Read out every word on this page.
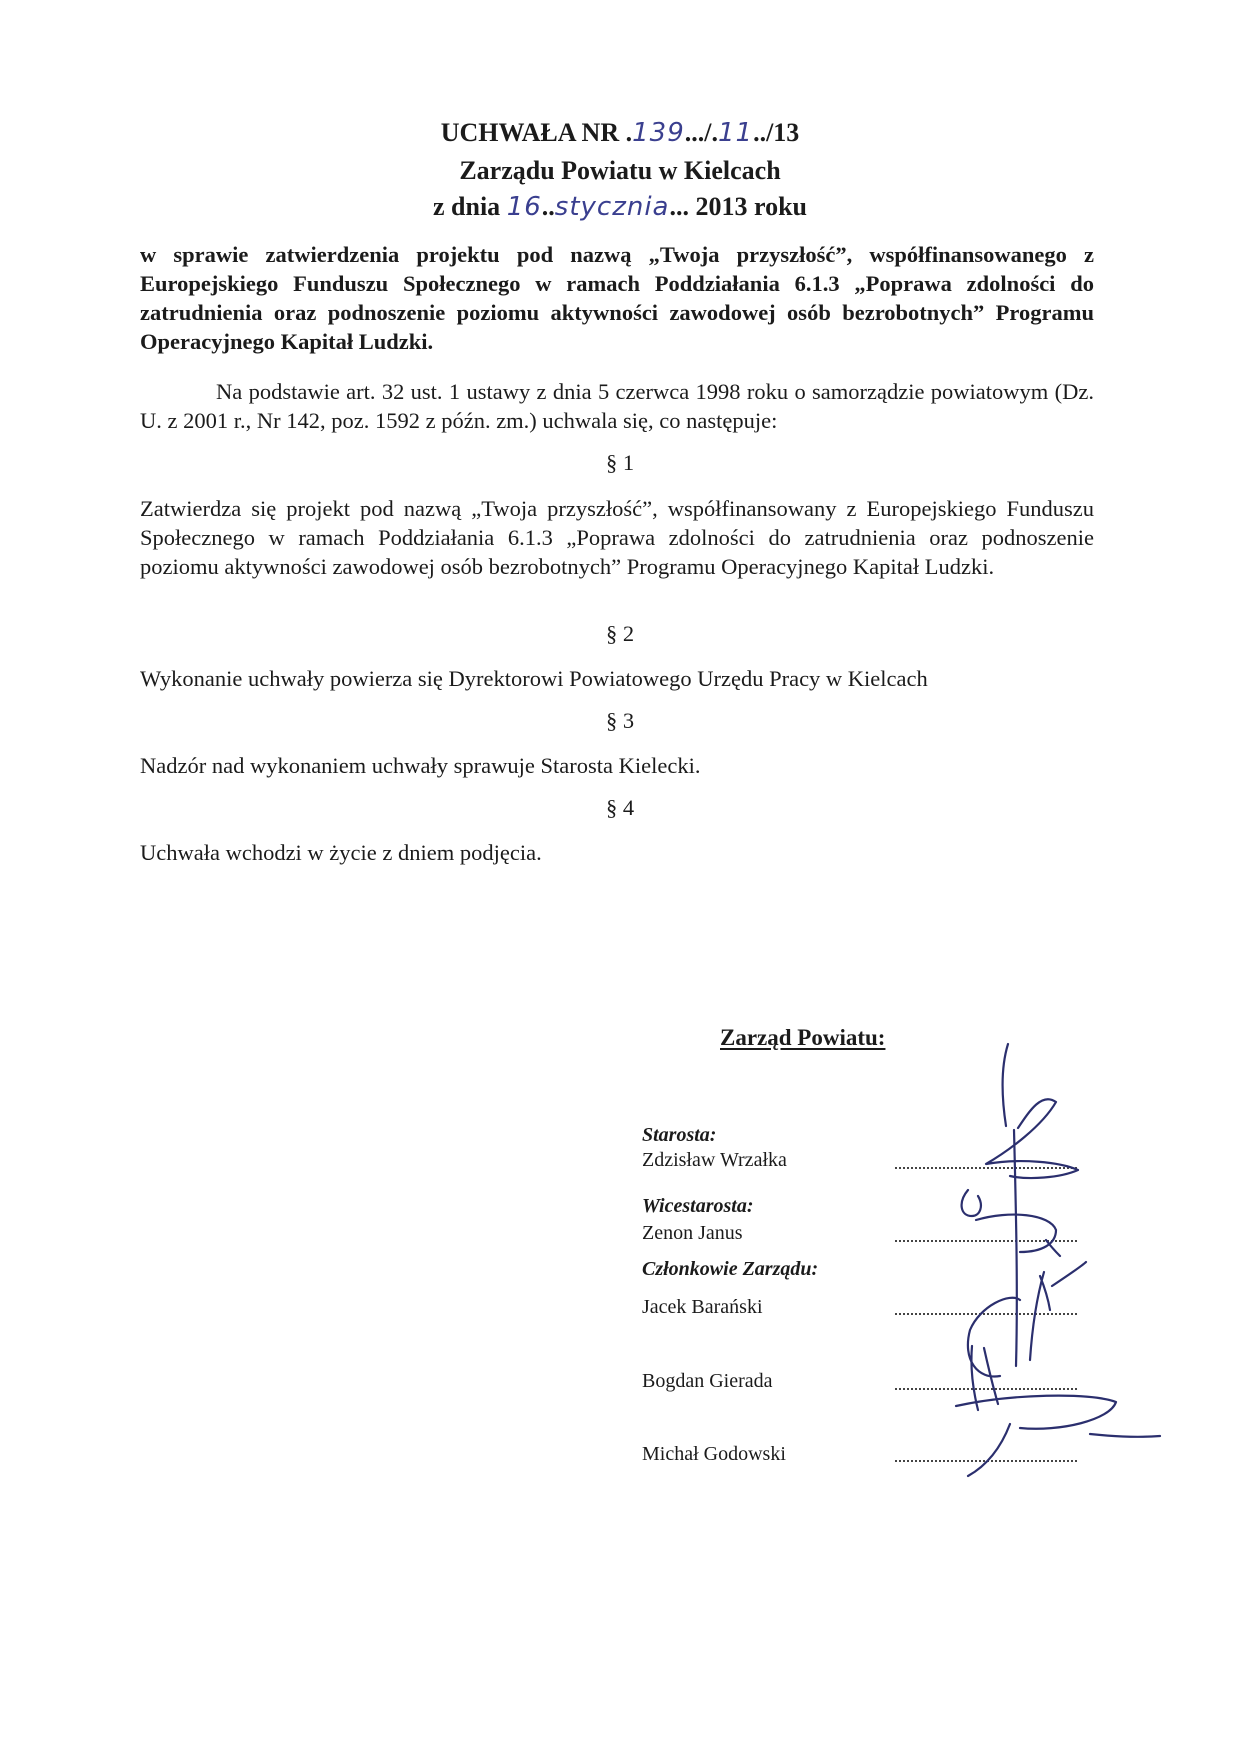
UCHWAŁA NR .139.../.11../13
Zarządu Powiatu w Kielcach
z dnia 16..stycznia... 2013 roku

w sprawie zatwierdzenia projektu pod nazwą „Twoja przyszłość”, współfinansowanego z Europejskiego Funduszu Społecznego w ramach Poddziałania 6.1.3 „Poprawa zdolności do zatrudnienia oraz podnoszenie poziomu aktywności zawodowej osób bezrobotnych” Programu Operacyjnego Kapitał Ludzki.

Na podstawie art. 32 ust. 1 ustawy z dnia 5 czerwca 1998 roku o samorządzie powiatowym (Dz. U. z 2001 r., Nr 142, poz. 1592 z późn. zm.) uchwala się, co następuje:

§ 1

Zatwierdza się projekt pod nazwą „Twoja przyszłość”, współfinansowany z Europejskiego Funduszu Społecznego w ramach Poddziałania 6.1.3 „Poprawa zdolności do zatrudnienia oraz podnoszenie poziomu aktywności zawodowej osób bezrobotnych” Programu Operacyjnego Kapitał Ludzki.

§ 2

Wykonanie uchwały powierza się Dyrektorowi Powiatowego Urzędu Pracy w Kielcach

§ 3

Nadzór nad wykonaniem uchwały sprawuje Starosta Kielecki.

§ 4

Uchwała wchodzi w życie z dniem podjęcia.

Zarząd Powiatu:
Starosta:
Zdzisław Wrzałka
Wicestarosta:
Zenon Janus
Członkowie Zarządu:
Jacek Barański
Bogdan Gierada
Michał Godowski
